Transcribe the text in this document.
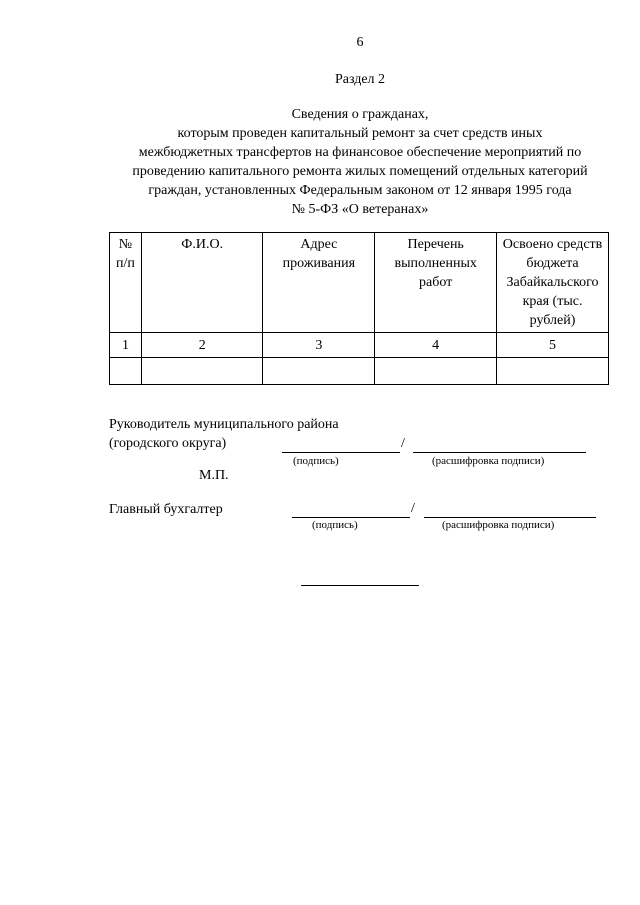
6
Раздел 2
Сведения о гражданах,
которым проведен капитальный ремонт за счет средств иных
межбюджетных трансфертов на финансовое обеспечение мероприятий по
проведению капитального ремонта жилых помещений отдельных категорий
граждан, установленных Федеральным законом от 12 января 1995 года
№ 5-ФЗ «О ветеранах»
№ п/п	Ф.И.О.	Адрес проживания	Перечень выполненных работ	Освоено средств бюджета Забайкальского края (тыс. рублей)
1	2	3	4	5

Руководитель муниципального района
(городского округа)	/
(подпись)	(расшифровка подписи)
М.П.
Главный бухгалтер	/
(подпись)	(расшифровка подписи)
